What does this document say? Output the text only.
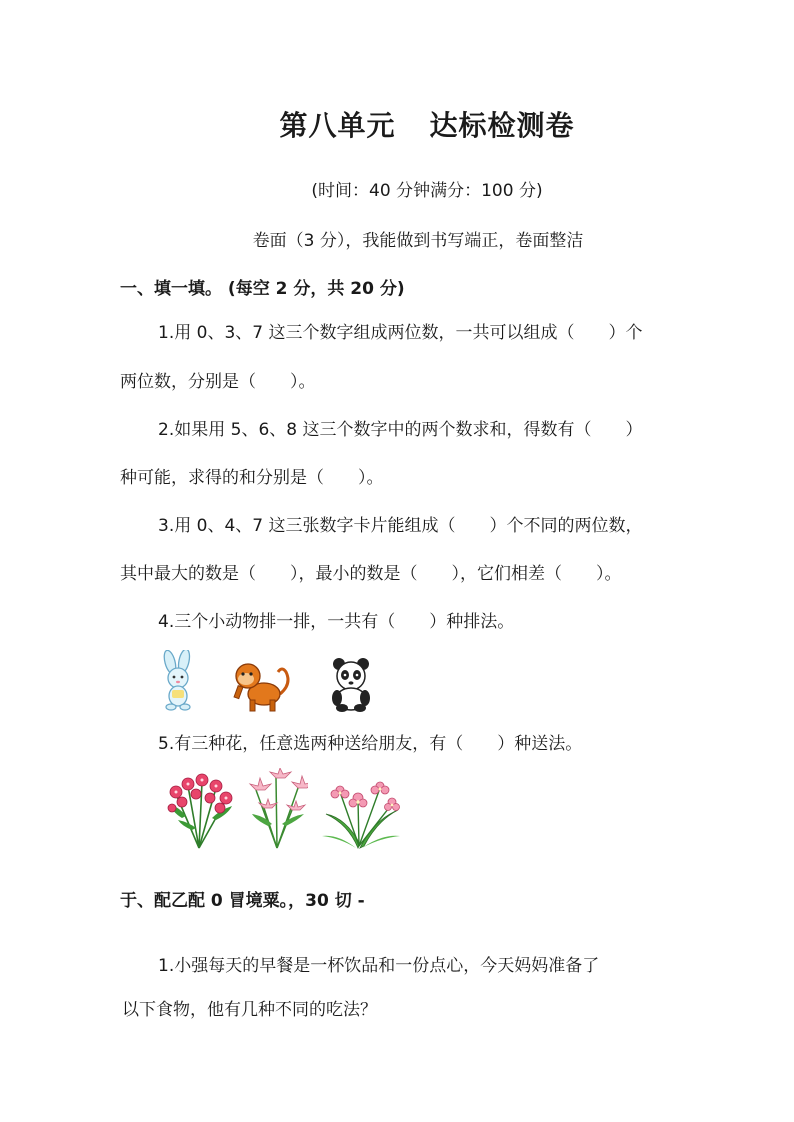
第八单元 达标检测卷
(时间：40 分钟满分：100 分)
卷面（3 分），我能做到书写端正，卷面整洁
一、填一填。 (每空 2 分，共 20 分)
1.用 0、3、7 这三个数字组成两位数，一共可以组成（　　）个
两位数，分别是（　　）。
2.如果用 5、6、8 这三个数字中的两个数求和，得数有（　　）
种可能，求得的和分别是（　　）。
3.用 0、4、7 这三张数字卡片能组成（　　）个不同的两位数，
其中最大的数是（　　），最小的数是（　　），它们相差（　　）。
4.三个小动物排一排，一共有（　　）种排法。
5.有三种花，任意选两种送给朋友，有（　　）种送法。
于、配乙配 0 冒境粟。，30 切 -
1.小强每天的早餐是一杯饮品和一份点心，今天妈妈准备了
以下食物，他有几种不同的吃法？
